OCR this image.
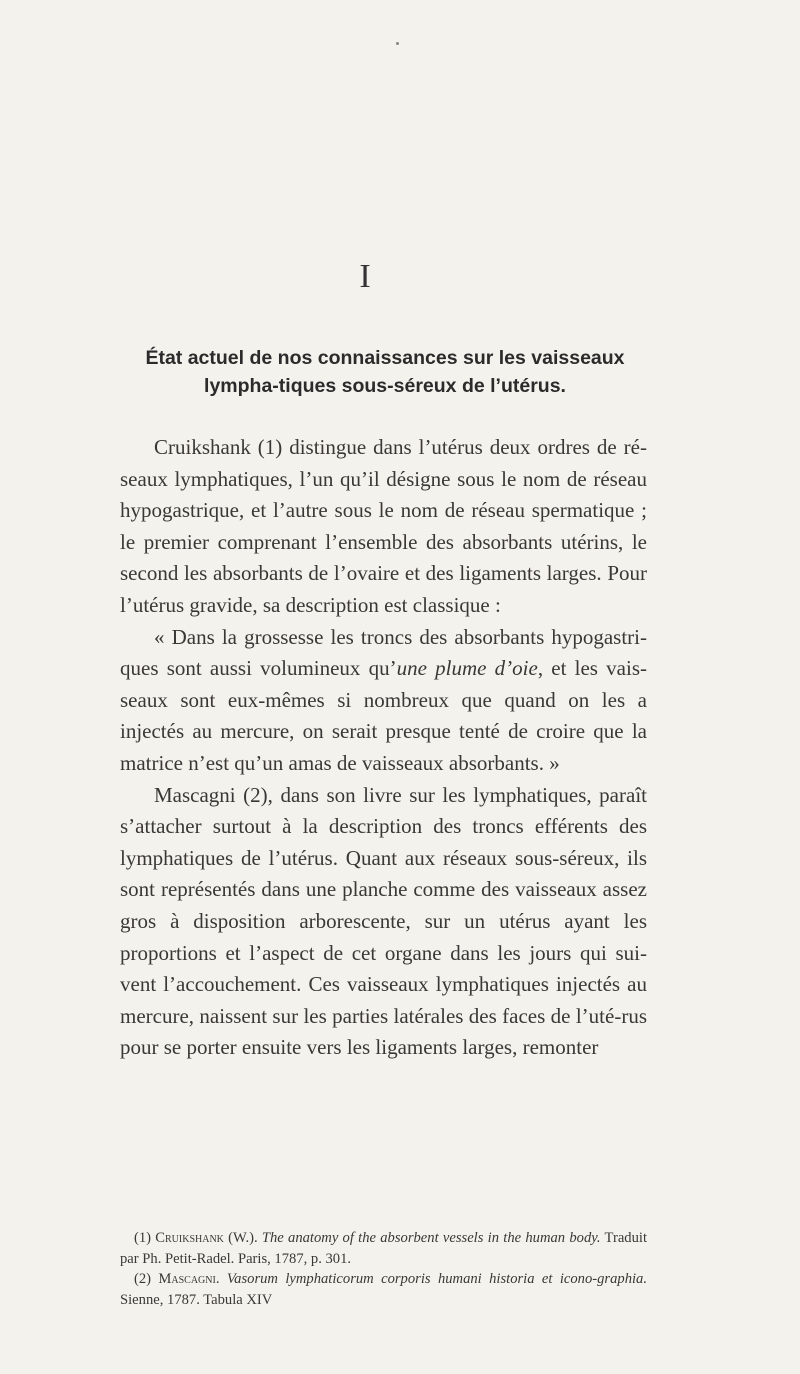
I
État actuel de nos connaissances sur les vaisseaux lympha-tiques sous-séreux de l’utérus.

Cruikshank (1) distingue dans l’utérus deux ordres de ré-seaux lymphatiques, l’un qu’il désigne sous le nom de réseau hypogastrique, et l’autre sous le nom de réseau spermatique ; le premier comprenant l’ensemble des absorbants utérins, le second les absorbants de l’ovaire et des ligaments larges. Pour l’utérus gravide, sa description est classique :

« Dans la grossesse les troncs des absorbants hypogastri-ques sont aussi volumineux qu’une plume d’oie, et les vais-seaux sont eux-mêmes si nombreux que quand on les a injectés au mercure, on serait presque tenté de croire que la matrice n’est qu’un amas de vaisseaux absorbants. »

Mascagni (2), dans son livre sur les lymphatiques, paraît s’attacher surtout à la description des troncs efférents des lymphatiques de l’utérus. Quant aux réseaux sous-séreux, ils sont représentés dans une planche comme des vaisseaux assez gros à disposition arborescente, sur un utérus ayant les proportions et l’aspect de cet organe dans les jours qui sui-vent l’accouchement. Ces vaisseaux lymphatiques injectés au mercure, naissent sur les parties latérales des faces de l’uté-rus pour se porter ensuite vers les ligaments larges, remonter

(1) Cruikshank (W.). The anatomy of the absorbent vessels in the human body. Traduit par Ph. Petit-Radel. Paris, 1787, p. 301.

(2) Mascagni. Vasorum lymphaticorum corporis humani historia et icono-graphia. Sienne, 1787. Tabula XIV
